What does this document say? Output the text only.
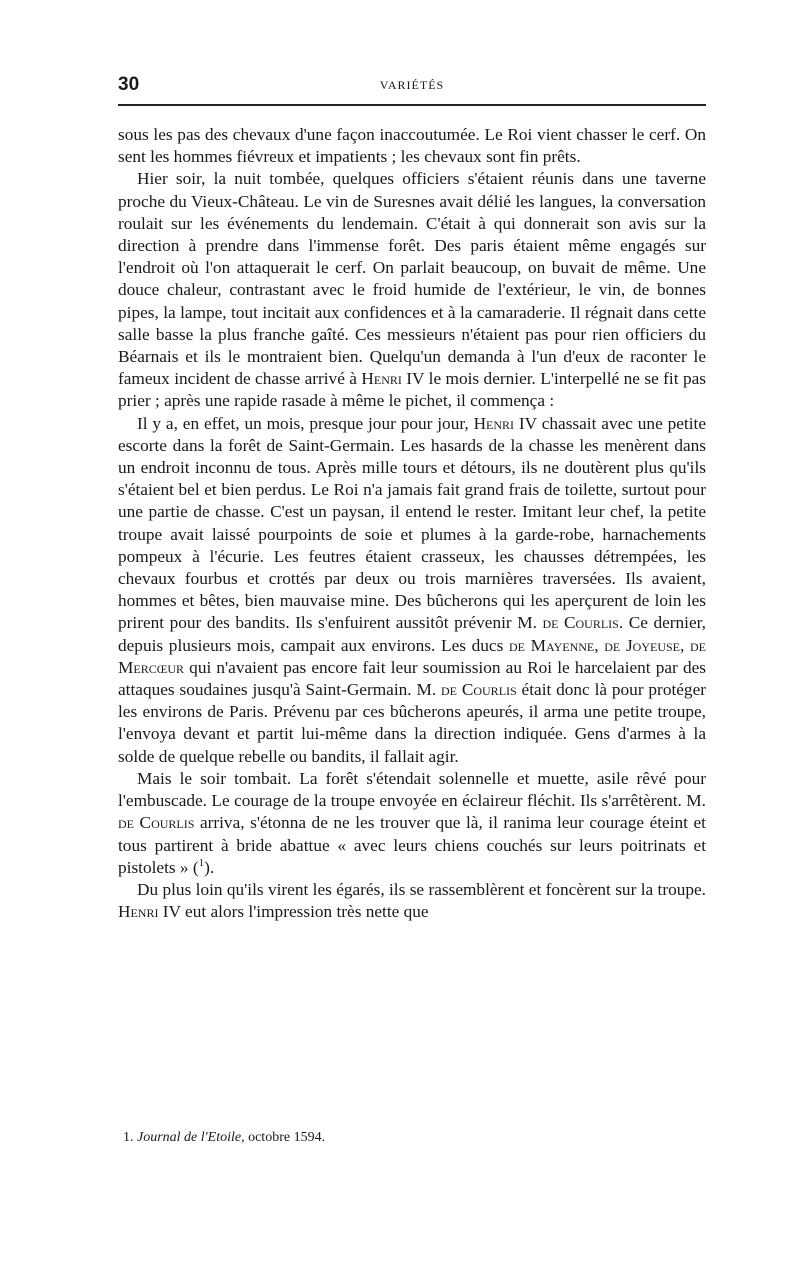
30	VARIÉTÉS

sous les pas des chevaux d'une façon inaccoutumée. Le Roi vient chasser le cerf. On sent les hommes fiévreux et impatients ; les chevaux sont fin prêts.

Hier soir, la nuit tombée, quelques officiers s'étaient réunis dans une taverne proche du Vieux-Château. Le vin de Suresnes avait délié les langues, la conversation roulait sur les événements du lendemain. C'était à qui donnerait son avis sur la direction à prendre dans l'immense forêt. Des paris étaient même engagés sur l'endroit où l'on attaquerait le cerf. On parlait beaucoup, on buvait de même. Une douce chaleur, contrastant avec le froid humide de l'extérieur, le vin, de bonnes pipes, la lampe, tout incitait aux confidences et à la camaraderie. Il régnait dans cette salle basse la plus franche gaîté. Ces messieurs n'étaient pas pour rien officiers du Béarnais et ils le montraient bien. Quelqu'un demanda à l'un d'eux de raconter le fameux incident de chasse arrivé à Henri IV le mois dernier. L'interpellé ne se fit pas prier ; après une rapide rasade à même le pichet, il commença :

Il y a, en effet, un mois, presque jour pour jour, Henri IV chassait avec une petite escorte dans la forêt de Saint-Germain. Les hasards de la chasse les menèrent dans un endroit inconnu de tous. Après mille tours et détours, ils ne doutèrent plus qu'ils s'étaient bel et bien perdus. Le Roi n'a jamais fait grand frais de toilette, surtout pour une partie de chasse. C'est un paysan, il entend le rester. Imitant leur chef, la petite troupe avait laissé pourpoints de soie et plumes à la garde-robe, harnachements pompeux à l'écurie. Les feutres étaient crasseux, les chausses détrempées, les chevaux fourbus et crottés par deux ou trois marnières traversées. Ils avaient, hommes et bêtes, bien mauvaise mine. Des bûcherons qui les aperçurent de loin les prirent pour des bandits. Ils s'enfuirent aussitôt prévenir M. de Courlis. Ce dernier, depuis plusieurs mois, campait aux environs. Les ducs de Mayenne, de Joyeuse, de Mercœur qui n'avaient pas encore fait leur soumission au Roi le harcelaient par des attaques soudaines jusqu'à Saint-Germain. M. de Courlis était donc là pour protéger les environs de Paris. Prévenu par ces bûcherons apeurés, il arma une petite troupe, l'envoya devant et partit lui-même dans la direction indiquée. Gens d'armes à la solde de quelque rebelle ou bandits, il fallait agir.

Mais le soir tombait. La forêt s'étendait solennelle et muette, asile rêvé pour l'embuscade. Le courage de la troupe envoyée en éclaireur fléchit. Ils s'arrêtèrent. M. de Courlis arriva, s'étonna de ne les trouver que là, il ranima leur courage éteint et tous partirent à bride abattue « avec leurs chiens couchés sur leurs poitrinats et pistolets » ($^1$).

Du plus loin qu'ils virent les égarés, ils se rassemblèrent et foncèrent sur la troupe. Henri IV eut alors l'impression très nette que

1. Journal de l'Etoile, octobre 1594.
